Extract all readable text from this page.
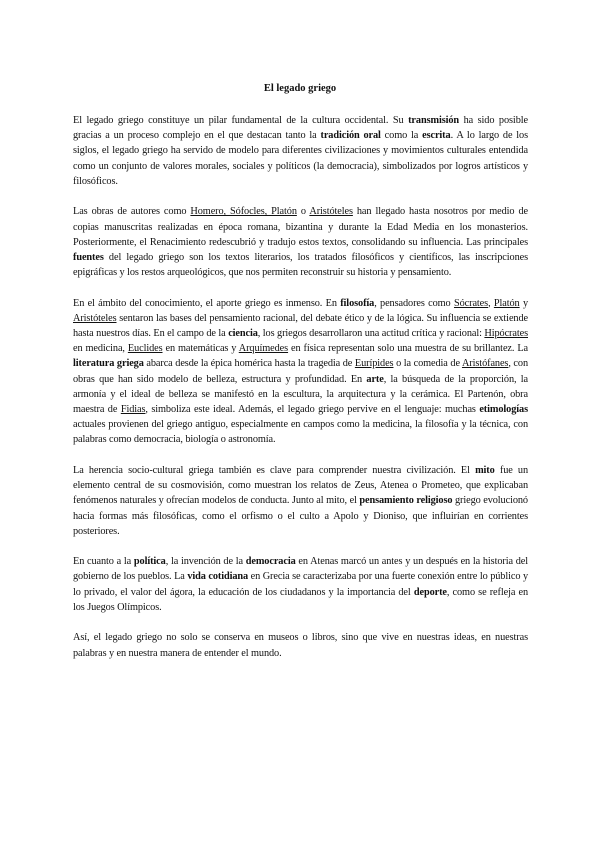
El legado griego

El legado griego constituye un pilar fundamental de la cultura occidental. Su transmisión ha sido posible gracias a un proceso complejo en el que destacan tanto la tradición oral como la escrita. A lo largo de los siglos, el legado griego ha servido de modelo para diferentes civilizaciones y movimientos culturales entendida como un conjunto de valores morales, sociales y políticos (la democracia), simbolizados por logros artísticos y filosóficos.

Las obras de autores como Homero, Sófocles, Platón o Aristóteles han llegado hasta nosotros por medio de copias manuscritas realizadas en época romana, bizantina y durante la Edad Media en los monasterios. Posteriormente, el Renacimiento redescubrió y tradujo estos textos, consolidando su influencia. Las principales fuentes del legado griego son los textos literarios, los tratados filosóficos y científicos, las inscripciones epigráficas y los restos arqueológicos, que nos permiten reconstruir su historia y pensamiento.

En el ámbito del conocimiento, el aporte griego es inmenso. En filosofía, pensadores como Sócrates, Platón y Aristóteles sentaron las bases del pensamiento racional, del debate ético y de la lógica. Su influencia se extiende hasta nuestros días. En el campo de la ciencia, los griegos desarrollaron una actitud crítica y racional: Hipócrates en medicina, Euclides en matemáticas y Arquímedes en física representan solo una muestra de su brillantez. La literatura griega abarca desde la épica homérica hasta la tragedia de Eurípides o la comedia de Aristófanes, con obras que han sido modelo de belleza, estructura y profundidad. En arte, la búsqueda de la proporción, la armonía y el ideal de belleza se manifestó en la escultura, la arquitectura y la cerámica. El Partenón, obra maestra de Fidias, simboliza este ideal. Además, el legado griego pervive en el lenguaje: muchas etimologías actuales provienen del griego antiguo, especialmente en campos como la medicina, la filosofía y la técnica, con palabras como democracia, biología o astronomía.

La herencia socio-cultural griega también es clave para comprender nuestra civilización. El mito fue un elemento central de su cosmovisión, como muestran los relatos de Zeus, Atenea o Prometeo, que explicaban fenómenos naturales y ofrecían modelos de conducta. Junto al mito, el pensamiento religioso griego evolucionó hacia formas más filosóficas, como el orfismo o el culto a Apolo y Dioniso, que influirían en corrientes posteriores.

En cuanto a la política, la invención de la democracia en Atenas marcó un antes y un después en la historia del gobierno de los pueblos. La vida cotidiana en Grecia se caracterizaba por una fuerte conexión entre lo público y lo privado, el valor del ágora, la educación de los ciudadanos y la importancia del deporte, como se refleja en los Juegos Olímpicos.

Así, el legado griego no solo se conserva en museos o libros, sino que vive en nuestras ideas, en nuestras palabras y en nuestra manera de entender el mundo.
